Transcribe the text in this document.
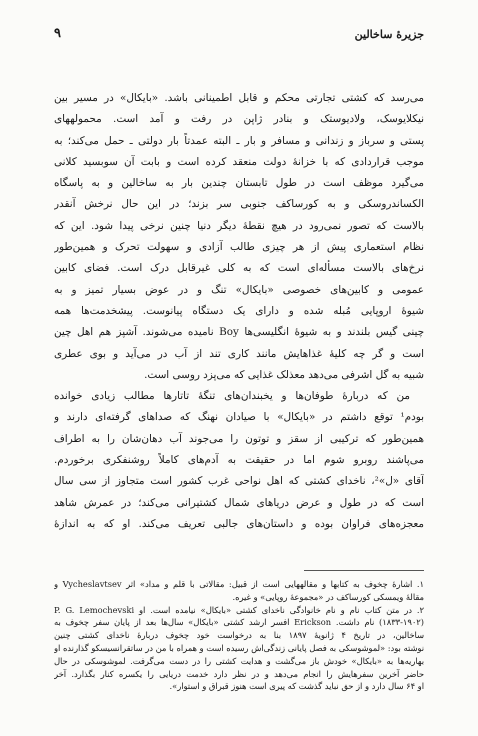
جزیرهٔ ساخالین
۹
می‌رسد که کشتی تجارتی محکم و قابل اطمینانی باشد. «بایکال» در مسیر بین
نیکلایوسک، ولادیوستک و بنادر ژاپن در رفت و آمد است. محمولههای
پستی و سرباز و زندانی و مسافر و بار ـ البته عمدتاً بار دولتی ـ حمل می‌کند؛ به
موجب قراردادی که با خزانهٔ دولت منعقد کرده است و بابت آن سوبسید کلانی
می‌گیرد موظف است در طول تابستان چندین بار به ساخالین و به پاسگاه
الکساندروسکی و به کورساکف جنوبی سر بزند؛ در این حال نرخش آنقدر
بالاست که تصور نمی‌رود در هیچ نقطهٔ دیگر دنیا چنین نرخی پیدا شود. این که
نظام استعماری پیش از هر چیزی طالب آزادی و سهولت تحرک و همین‌طور
نرخ‌های بالاست مسأله‌ای است که به کلی غیرقابل درک است. فضای کابین
عمومی و کابین‌های خصوصی «بایکال» تنگ و در عوض بسیار تمیز و به
شیوهٔ اروپایی مُبله شده و دارای یک دستگاه پیانوست. پیشخدمت‌ها همه
چینی گیس بلندند و به شیوهٔ انگلیسی‌ها Boy نامیده می‌شوند. آشپز هم اهل چین
است و گر چه کلیهٔ غذاهایش مانند کاری تند از آب در می‌آید و بوی عطری
شبیه به گل اشرفی می‌دهد معذلک غذایی که می‌پزد روسی است.
من که دربارهٔ طوفان‌ها و یخبندان‌های تنگهٔ تاتارها مطالب زیادی خوانده
بودم¹ توقع داشتم در «بایکال» با صیادان نهنگ که صداهای گرفته‌ای دارند و
همین‌طور که ترکیبی از سقز و توتون را می‌جوند آب دهان‌شان را به اطراف
می‌پاشند روبرو شوم اما در حقیقت به آدم‌های کاملاً روشنفکری برخوردم.
آقای «ل»²، ناخدای کشتی که اهل نواحی غرب کشور است متجاوز از سی سال
است که در طول و عرض دریاهای شمال کشتیرانی می‌کند؛ در عمرش شاهد
معجزه‌های فراوان بوده و داستان‌های جالبی تعریف می‌کند. او که به اندازهٔ
۱. اشارهٔ چخوف به کتابها و مقالههایی است از قبیل: مقالاتی با قلم و مداد» اثر Vycheslavtsev و
مقالهٔ ویمسکی کورساکف در «مجموعهٔ روپایی» و غیره.
۲. در متن کتاب نام و نام خانوادگی ناخدای کشتی «بایکال» نیامده است. او P. G. Lemochevski
(۱۸۳۳-۱۹۰۲) نام داشت. Erickson افسر ارشد کشتی «بایکال» سال‌ها بعد از پایان سفر چخوف به
ساخالین، در تاریخ ۴ ژانویهٔ ۱۸۹۷ بنا به درخواست خود چخوف دربارهٔ ناخدای کشتی چنین
نوشته بود: «لموشوسکی به فصل پایانی زندگی‌اش رسیده است و همراه با من در ساتقرانسیسکو گذارنده او
بهاریه‌ها به «بایکال» خودش باز می‌گشت و هدایت کشتی را در دست می‌گرفت. لموشوسکی در حال
حاضر آخرین سفرهایش را انجام می‌دهد و در نظر دارد خدمت دریایی را یکسره کنار بگذارد. آخر
او ۶۴ سال دارد و از حق نباید گذشت که پیری است هنوز قبراق و استوار».
